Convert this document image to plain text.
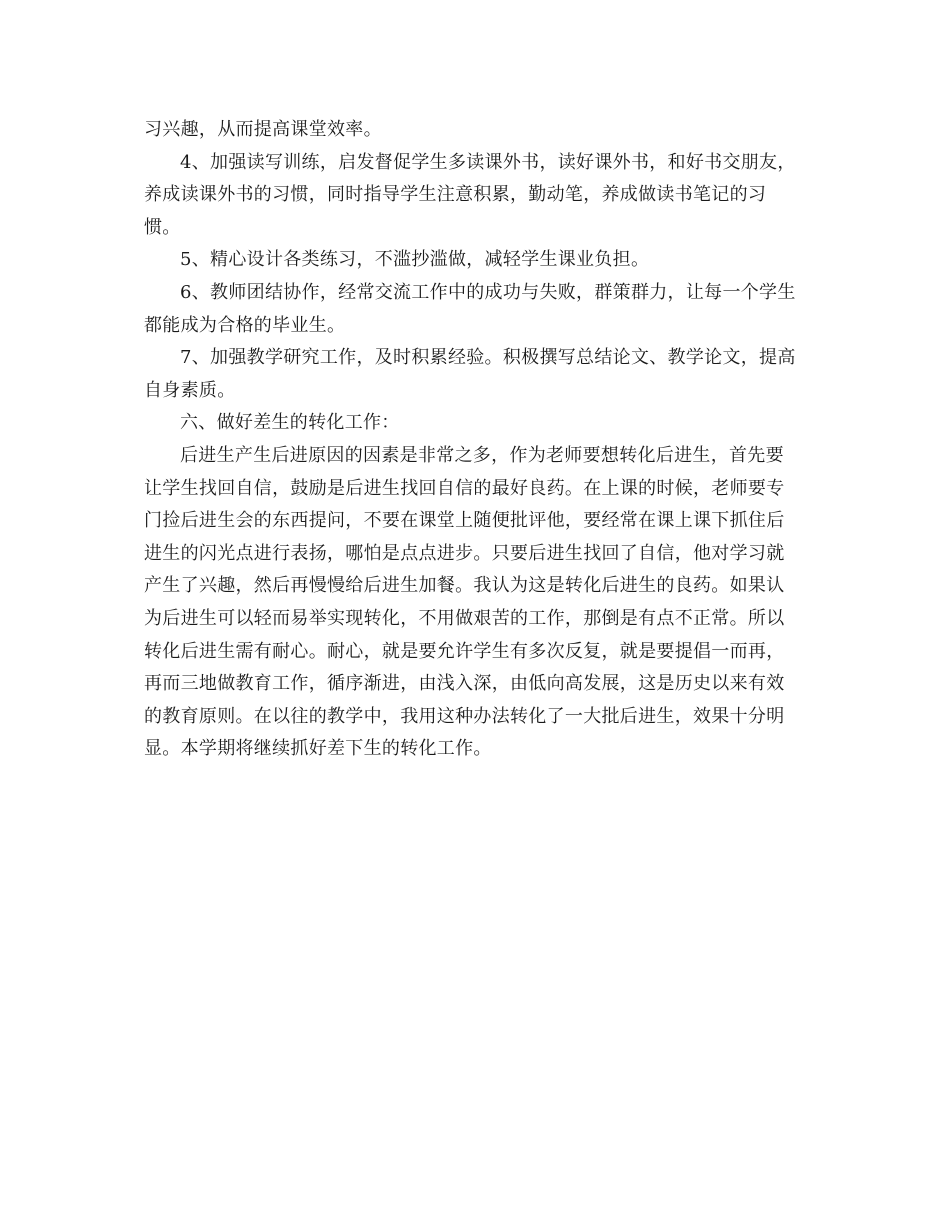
习兴趣，从而提高课堂效率。
4、加强读写训练，启发督促学生多读课外书，读好课外书，和好书交朋友，
养成读课外书的习惯，同时指导学生注意积累，勤动笔，养成做读书笔记的习
惯。
5、精心设计各类练习，不滥抄滥做，减轻学生课业负担。
6、教师团结协作，经常交流工作中的成功与失败，群策群力，让每一个学生
都能成为合格的毕业生。
7、加强教学研究工作，及时积累经验。积极撰写总结论文、教学论文，提高
自身素质。
六、做好差生的转化工作：
后进生产生后进原因的因素是非常之多，作为老师要想转化后进生，首先要
让学生找回自信，鼓励是后进生找回自信的最好良药。在上课的时候，老师要专
门捡后进生会的东西提问，不要在课堂上随便批评他，要经常在课上课下抓住后
进生的闪光点进行表扬，哪怕是点点进步。只要后进生找回了自信，他对学习就
产生了兴趣，然后再慢慢给后进生加餐。我认为这是转化后进生的良药。如果认
为后进生可以轻而易举实现转化，不用做艰苦的工作，那倒是有点不正常。所以
转化后进生需有耐心。耐心，就是要允许学生有多次反复，就是要提倡一而再，
再而三地做教育工作，循序渐进，由浅入深，由低向高发展，这是历史以来有效
的教育原则。在以往的教学中，我用这种办法转化了一大批后进生，效果十分明
显。本学期将继续抓好差下生的转化工作。
